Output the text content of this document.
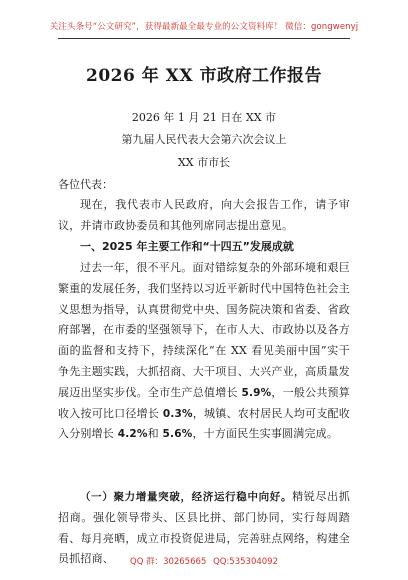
关注头条号“公文研究”，获得最新最全最专业的公文资料库！ 微信：gongwenyj
2026 年 XX 市政府工作报告
2026 年 1 月 21 日在 XX 市
第九届人民代表大会第六次会议上
XX 市市长
各位代表：
现在，我代表市人民政府，向大会报告工作，请予审议，并请市政协委员和其他列席同志提出意见。
一、2025 年主要工作和“十四五”发展成就
过去一年，很不平凡。面对错综复杂的外部环境和艰巨繁重的发展任务，我们坚持以习近平新时代中国特色社会主义思想为指导，认真贯彻党中央、国务院决策和省委、省政府部署，在市委的坚强领导下，在市人大、市政协以及各方面的监督和支持下，持续深化“在 XX 看见美丽中国”实干争先主题实践，大抓招商、大干项目、大兴产业，高质量发展迈出坚实步伐。全市生产总值增长 5.9%，一般公共预算收入按可比口径增长 0.3%，城镇、农村居民人均可支配收入分别增长 4.2%和 5.6%，十方面民生实事圆满完成。
（一）聚力增量突破，经济运行稳中向好。精锐尽出抓招商。强化领导带头、区县比拼、部门协同，实行每周踏看、每月亮晒，成立市投资促进局，完善驻点网络，构建全员抓招商、	QQ 群：30265665 QQ:535304092
